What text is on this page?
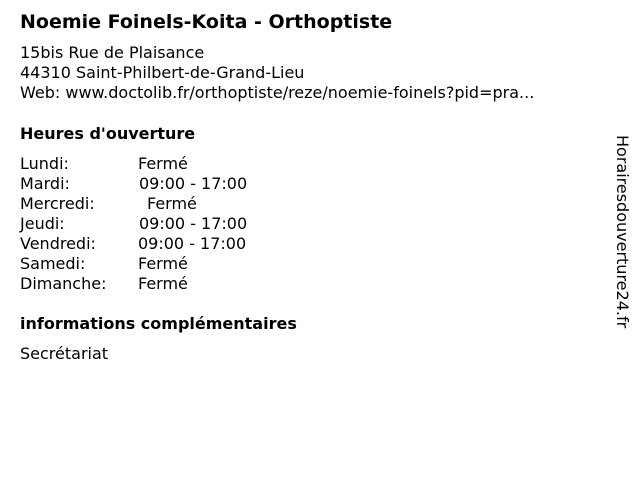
Noemie Foinels-Koita - Orthoptiste
15bis Rue de Plaisance
44310 Saint-Philbert-de-Grand-Lieu
Web: www.doctolib.fr/orthoptiste/reze/noemie-foinels?pid=pra...
Heures d'ouverture
Lundi:	Fermé
Mardi:	09:00 - 17:00
Mercredi:	Fermé
Jeudi:	09:00 - 17:00
Vendredi:	09:00 - 17:00
Samedi:	Fermé
Dimanche: Fermé
informations complémentaires
Secrétariat
Horairesdouverture24.fr
